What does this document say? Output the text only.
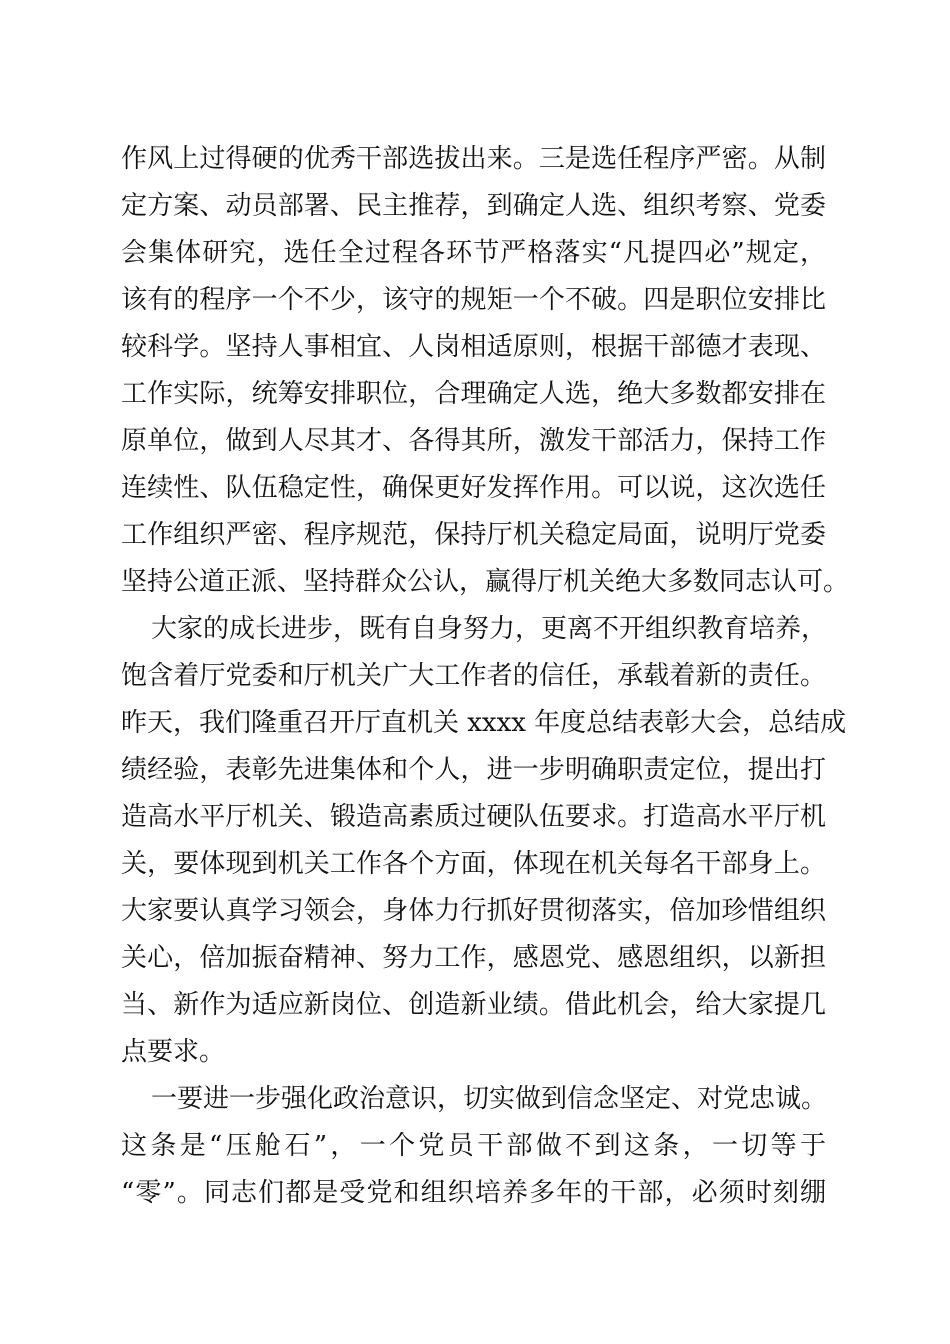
作风上过得硬的优秀干部选拔出来。三是选任程序严密。从制
定方案、动员部署、民主推荐，到确定人选、组织考察、党委
会集体研究，选任全过程各环节严格落实“凡提四必”规定，
该有的程序一个不少，该守的规矩一个不破。四是职位安排比
较科学。坚持人事相宜、人岗相适原则，根据干部德才表现、
工作实际，统筹安排职位，合理确定人选，绝大多数都安排在
原单位，做到人尽其才、各得其所，激发干部活力，保持工作
连续性、队伍稳定性，确保更好发挥作用。可以说，这次选任
工作组织严密、程序规范，保持厅机关稳定局面，说明厅党委
坚持公道正派、坚持群众公认，赢得厅机关绝大多数同志认可。
大家的成长进步，既有自身努力，更离不开组织教育培养，
饱含着厅党委和厅机关广大工作者的信任，承载着新的责任。
昨天，我们隆重召开厅直机关 xxxx 年度总结表彰大会，总结成
绩经验，表彰先进集体和个人，进一步明确职责定位，提出打
造高水平厅机关、锻造高素质过硬队伍要求。打造高水平厅机
关，要体现到机关工作各个方面，体现在机关每名干部身上。
大家要认真学习领会，身体力行抓好贯彻落实，倍加珍惜组织
关心，倍加振奋精神、努力工作，感恩党、感恩组织，以新担
当、新作为适应新岗位、创造新业绩。借此机会，给大家提几
点要求。
一要进一步强化政治意识，切实做到信念坚定、对党忠诚。
这条是“压舱石”，一个党员干部做不到这条，一切等于
“零”。同志们都是受党和组织培养多年的干部，必须时刻绷
